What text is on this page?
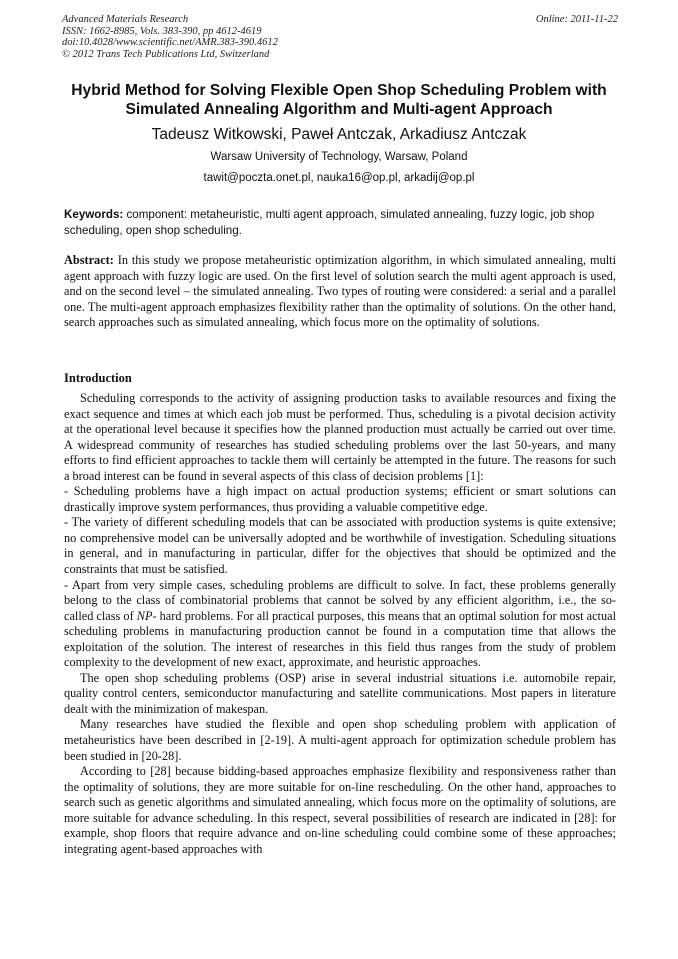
Advanced Materials Research
ISSN: 1662-8985, Vols. 383-390, pp 4612-4619
doi:10.4028/www.scientific.net/AMR.383-390.4612
© 2012 Trans Tech Publications Ltd, Switzerland
Online: 2011-11-22
Hybrid Method for Solving Flexible Open Shop Scheduling Problem with
Simulated Annealing Algorithm and Multi-agent Approach
Tadeusz Witkowski, Paweł Antczak, Arkadiusz Antczak
Warsaw University of Technology, Warsaw, Poland
tawit@poczta.onet.pl, nauka16@op.pl, arkadij@op.pl
Keywords: component: metaheuristic, multi agent approach, simulated annealing, fuzzy logic, job shop scheduling, open shop scheduling.
Abstract: In this study we propose metaheuristic optimization algorithm, in which simulated annealing, multi agent approach with fuzzy logic are used. On the first level of solution search the multi agent approach is used, and on the second level – the simulated annealing. Two types of routing were considered: a serial and a parallel one. The multi-agent approach emphasizes flexibility rather than the optimality of solutions. On the other hand, search approaches such as simulated annealing, which focus more on the optimality of solutions.
Introduction

Scheduling corresponds to the activity of assigning production tasks to available resources and fixing the exact sequence and times at which each job must be performed. Thus, scheduling is a pivotal decision activity at the operational level because it specifies how the planned production must actually be carried out over time. A widespread community of researches has studied scheduling problems over the last 50-years, and many efforts to find efficient approaches to tackle them will certainly be attempted in the future. The reasons for such a broad interest can be found in several aspects of this class of decision problems [1]:

- Scheduling problems have a high impact on actual production systems; efficient or smart solutions can drastically improve system performances, thus providing a valuable competitive edge.

- The variety of different scheduling models that can be associated with production systems is quite extensive; no comprehensive model can be universally adopted and be worthwhile of investigation. Scheduling situations in general, and in manufacturing in particular, differ for the objectives that should be optimized and the constraints that must be satisfied.

- Apart from very simple cases, scheduling problems are difficult to solve. In fact, these problems generally belong to the class of combinatorial problems that cannot be solved by any efficient algorithm, i.e., the so-called class of NP- hard problems. For all practical purposes, this means that an optimal solution for most actual scheduling problems in manufacturing production cannot be found in a computation time that allows the exploitation of the solution. The interest of researches in this field thus ranges from the study of problem complexity to the development of new exact, approximate, and heuristic approaches.

The open shop scheduling problems (OSP) arise in several industrial situations i.e. automobile repair, quality control centers, semiconductor manufacturing and satellite communications. Most papers in literature dealt with the minimization of makespan.

Many researches have studied the flexible and open shop scheduling problem with application of metaheuristics have been described in [2-19]. A multi-agent approach for optimization schedule problem has been studied in [20-28].

According to [28] because bidding-based approaches emphasize flexibility and responsiveness rather than the optimality of solutions, they are more suitable for on-line rescheduling. On the other hand, approaches to search such as genetic algorithms and simulated annealing, which focus more on the optimality of solutions, are more suitable for advance scheduling. In this respect, several possibilities of research are indicated in [28]: for example, shop floors that require advance and on-line scheduling could combine some of these approaches; integrating agent-based approaches with
